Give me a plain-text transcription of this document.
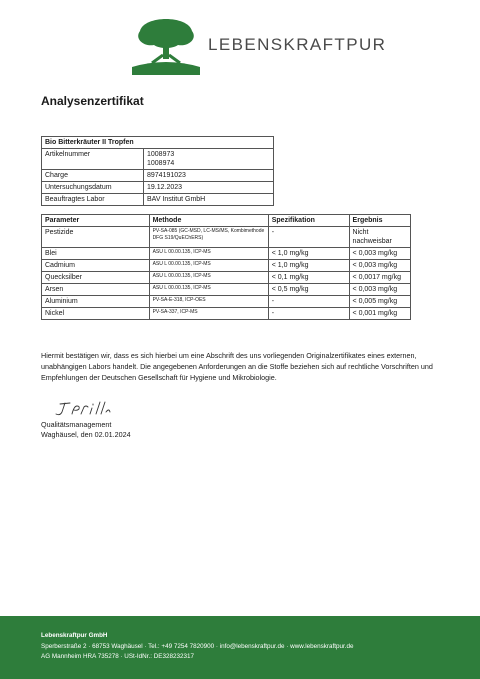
LEBENSKRAFTPUR
Analysenzertifikat
Bio Bitterkräuter II Tropfen	
Artikelnummer	1008973
1008974

Charge	8974191023
Untersuchungsdatum	19.12.2023
Beauftragtes Labor	BAV Institut GmbH
Parameter	Methode	Spezifikation	Ergebnis
Pestizide	PV-SA-085 (GC-MSD, LC-MS/MS, Kombimethode DFG S19/QuEChERS)	-	Nicht nachweisbar
Blei	ASU L 00.00.135, ICP-MS	< 1,0 mg/kg	< 0,003 mg/kg
Cadmium	ASU L 00.00.135, ICP-MS	< 1,0 mg/kg	< 0,003 mg/kg
Quecksilber	ASU L 00.00.135, ICP-MS	< 0,1 mg/kg	< 0,0017 mg/kg
Arsen	ASU L 00.00.135, ICP-MS	< 0,5 mg/kg	< 0,003 mg/kg
Aluminium	PV-SA-E-318, ICP-OES	-	< 0,005 mg/kg
Nickel	PV-SA-337, ICP-MS	-	< 0,001 mg/kg

Hiermit bestätigen wir, dass es sich hierbei um eine Abschrift des uns vorliegenden Originalzertifikates eines externen, unabhängigen Labors handelt. Die angegebenen Anforderungen an die Stoffe beziehen sich auf rechtliche Vorschriften und Empfehlungen der Deutschen Gesellschaft für Hygiene und Mikrobiologie.

Qualitätsmanagement
Waghäusel, den 02.01.2024
Lebenskraftpur GmbH
Sperberstraße 2 · 68753 Waghäusel · Tel.: +49 7254 7820900 · info@lebenskraftpur.de · www.lebenskraftpur.de
AG Mannheim HRA 735278 · USt-IdNr.: DE328232317
